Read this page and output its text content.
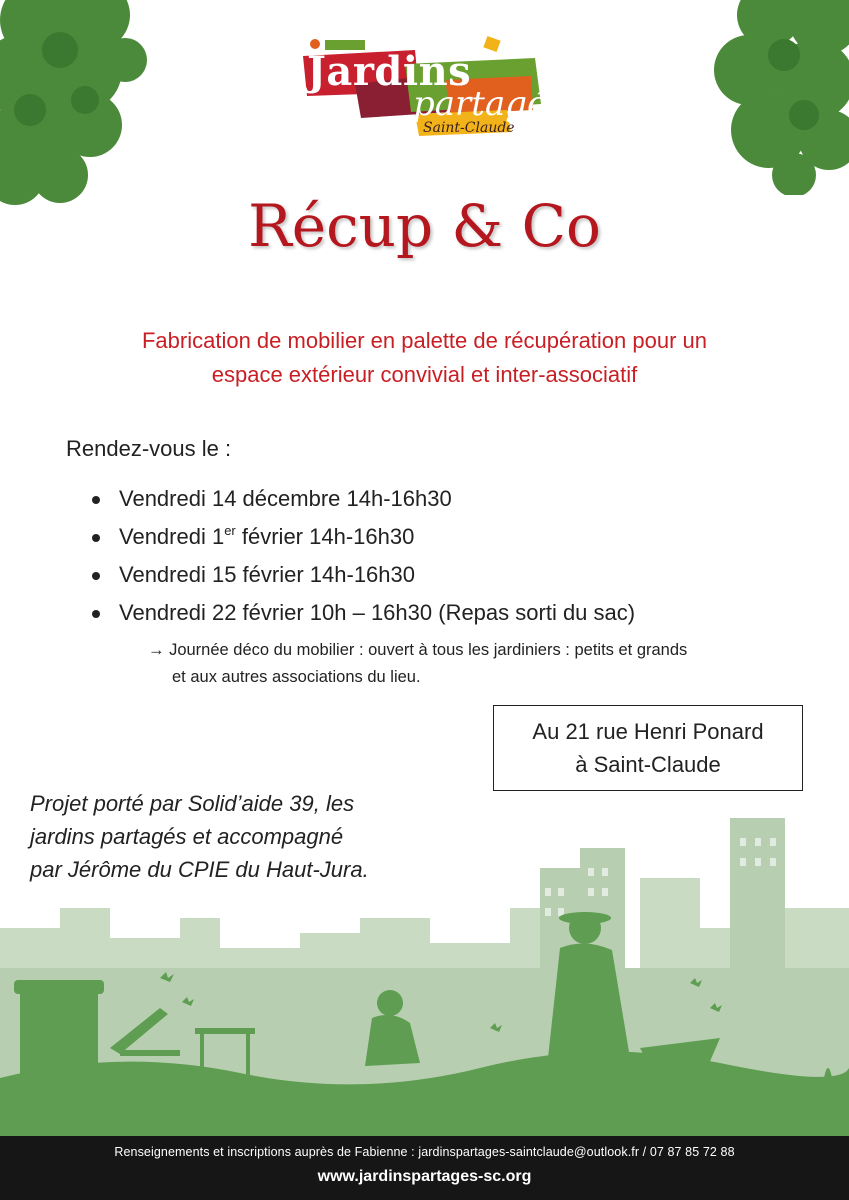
Jardins
partagés
Saint-Claude
Récup & Co
Fabrication de mobilier en palette de récupération pour un
espace extérieur convivial et inter-associatif
Rendez-vous le :
Vendredi 14 décembre 14h-16h30
Vendredi 1er février 14h-16h30
Vendredi 15 février 14h-16h30
Vendredi 22 février 10h – 16h30 (Repas sorti du sac)
→ Journée déco du mobilier : ouvert à tous les jardiniers : petits et grands
et aux autres associations du lieu.
Au 21 rue Henri Ponard
à Saint-Claude
Projet porté par Solid’aide 39, les
jardins partagés et accompagné
par Jérôme du CPIE du Haut-Jura.
Renseignements et inscriptions auprès de Fabienne : jardinspartages-saintclaude@outlook.fr / 07 87 85 72 88
www.jardinspartages-sc.org
